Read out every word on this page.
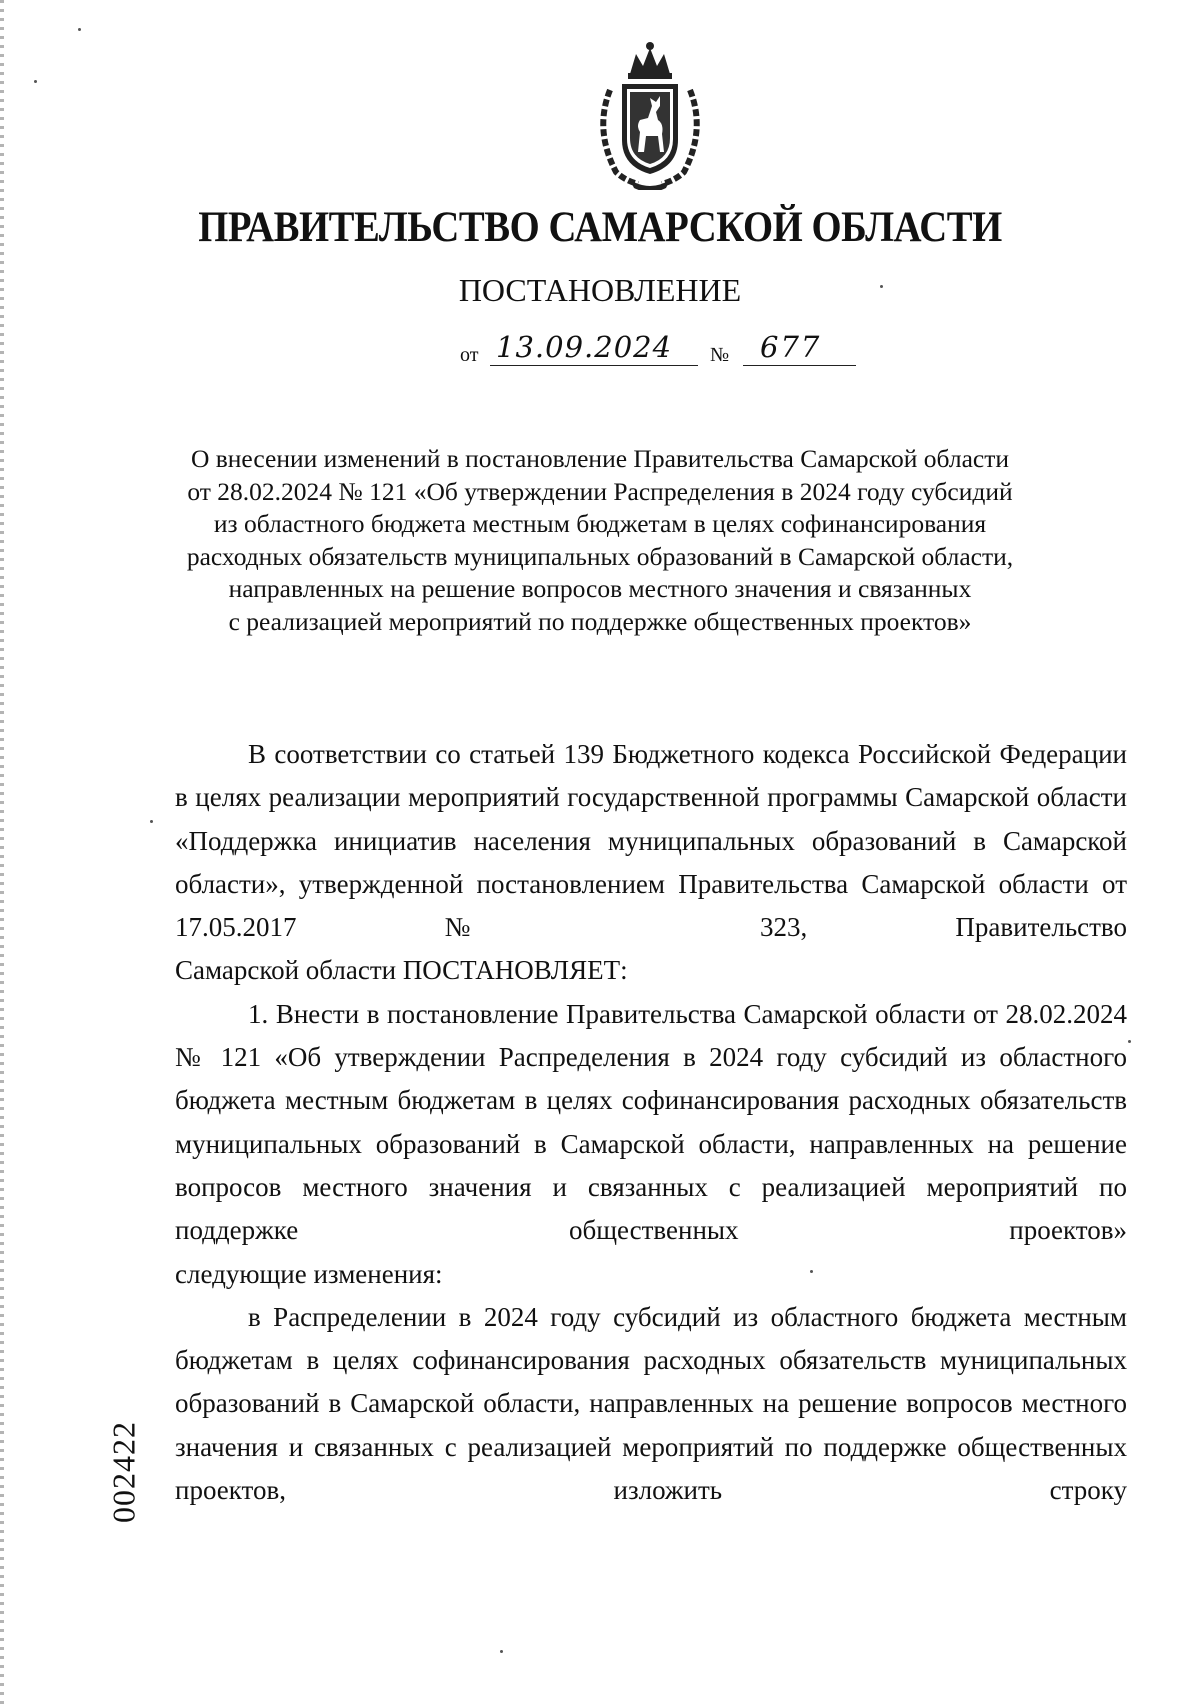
ПРАВИТЕЛЬСТВО САМАРСКОЙ ОБЛАСТИ
ПОСТАНОВЛЕНИЕ
от 13.09.2024 № 677
О внесении изменений в постановление Правительства Самарской области
от 28.02.2024 № 121 «Об утверждении Распределения в 2024 году субсидий
из областного бюджета местным бюджетам в целях софинансирования
расходных обязательств муниципальных образований в Самарской области,
направленных на решение вопросов местного значения и связанных
с реализацией мероприятий по поддержке общественных проектов»

В соответствии со статьей 139 Бюджетного кодекса Российской Федерации в целях реализации мероприятий государственной программы Самарской области «Поддержка инициатив населения муниципальных образований в Самарской области», утвержденной постановлением Правительства Самарской области от 17.05.2017 № 323, Правительство

Самарской области ПОСТАНОВЛЯЕТ:

1. Внести в постановление Правительства Самарской области от 28.02.2024 № 121 «Об утверждении Распределения в 2024 году субсидий из областного бюджета местным бюджетам в целях софинансирования расходных обязательств муниципальных образований в Самарской области, направленных на решение вопросов местного значения и связанных с реализацией мероприятий по поддержке общественных проектов»

следующие изменения:

в Распределении в 2024 году субсидий из областного бюджета местным бюджетам в целях софинансирования расходных обязательств муниципальных образований в Самарской области, направленных на решение вопросов местного значения и связанных с реализацией мероприятий по поддержке общественных проектов, изложить строку

002422
